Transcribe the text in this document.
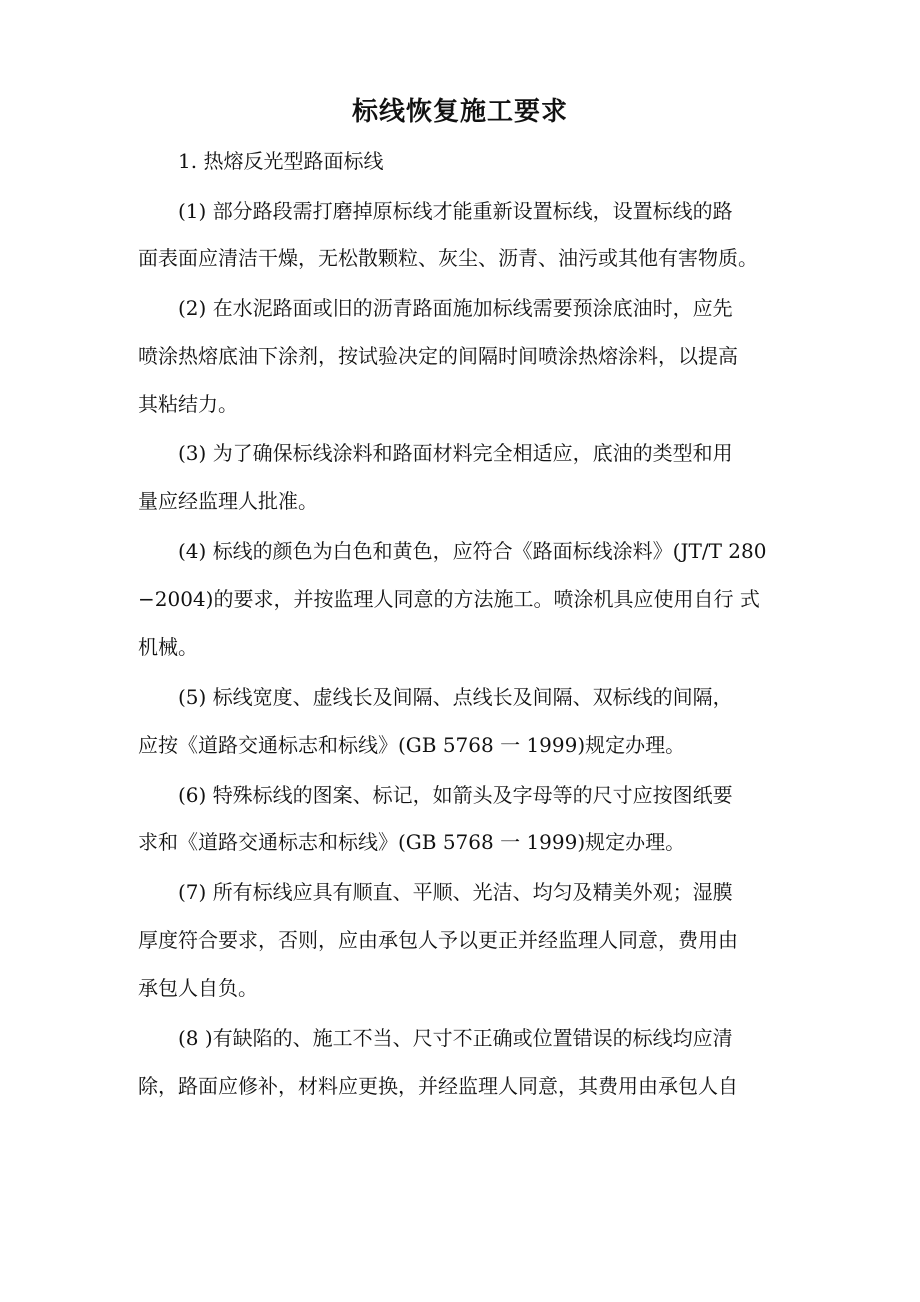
标线恢复施工要求
1. 热熔反光型路面标线
(1) 部分路段需打磨掉原标线才能重新设置标线，设置标线的路
面表面应清洁干燥，无松散颗粒、灰尘、沥青、油污或其他有害物质。
(2) 在水泥路面或旧的沥青路面施加标线需要预涂底油时，应先
喷涂热熔底油下涂剂，按试验决定的间隔时间喷涂热熔涂料，以提高
其粘结力。
(3) 为了确保标线涂料和路面材料完全相适应，底油的类型和用
量应经监理人批准。
(4) 标线的颜色为白色和黄色，应符合《路面标线涂料》(JT/T 280
−2004)的要求，并按监理人同意的方法施工。喷涂机具应使用自行 式
机械。
(5) 标线宽度、虚线长及间隔、点线长及间隔、双标线的间隔，
应按《道路交通标志和标线》(GB 5768 一 1999)规定办理。
(6) 特殊标线的图案、标记，如箭头及字母等的尺寸应按图纸要
求和《道路交通标志和标线》(GB 5768 一 1999)规定办理。
(7) 所有标线应具有顺直、平顺、光洁、均匀及精美外观；湿膜
厚度符合要求，否则，应由承包人予以更正并经监理人同意，费用由
承包人自负。
(8 )有缺陷的、施工不当、尺寸不正确或位置错误的标线均应清
除，路面应修补，材料应更换，并经监理人同意，其费用由承包人自
